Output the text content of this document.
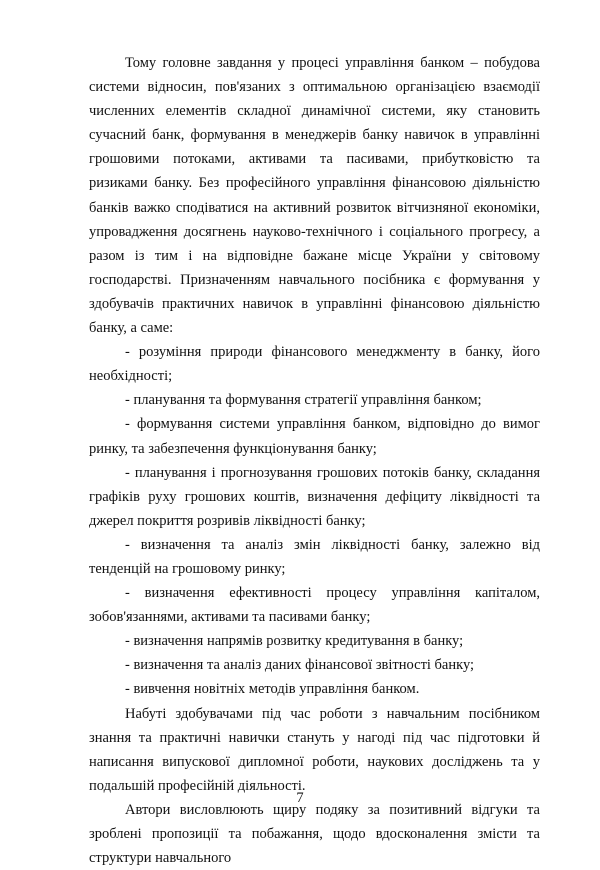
Тому головне завдання у процесі управління банком – побудова системи відносин, пов'язаних з оптимальною організацією взаємодії численних елементів складної динамічної системи, яку становить сучасний банк, формування в менеджерів банку навичок в управлінні грошовими потоками, активами та пасивами, прибутковістю та ризиками банку. Без професійного управління фінансовою діяльністю банків важко сподіватися на активний розвиток вітчизняної економіки, упровадження досягнень науково-технічного і соціального прогресу, а разом із тим і на відповідне бажане місце України у світовому господарстві. Призначенням навчального посібника є формування у здобувачів практичних навичок в управлінні фінансовою діяльністю банку, а саме:

- розуміння природи фінансового менеджменту в банку, його необхідності;

- планування та формування стратегії управління банком;

- формування системи управління банком, відповідно до вимог ринку, та забезпечення функціонування банку;

- планування і прогнозування грошових потоків банку, складання графіків руху грошових коштів, визначення дефіциту ліквідності та джерел покриття розривів ліквідності банку;

- визначення та аналіз змін ліквідності банку, залежно від тенденцій на грошовому ринку;

- визначення ефективності процесу управління капіталом, зобов'язаннями, активами та пасивами банку;

- визначення напрямів розвитку кредитування в банку;

- визначення та аналіз даних фінансової звітності банку;

- вивчення новітніх методів управління банком.

Набуті здобувачами під час роботи з навчальним посібником знання та практичні навички стануть у нагоді під час підготовки й написання випускової дипломної роботи, наукових досліджень та у подальшій професійній діяльності.

Автори висловлюють щиру подяку за позитивний відгуки та зроблені пропозиції та побажання, щодо вдосконалення змісти та структури навчального

7
